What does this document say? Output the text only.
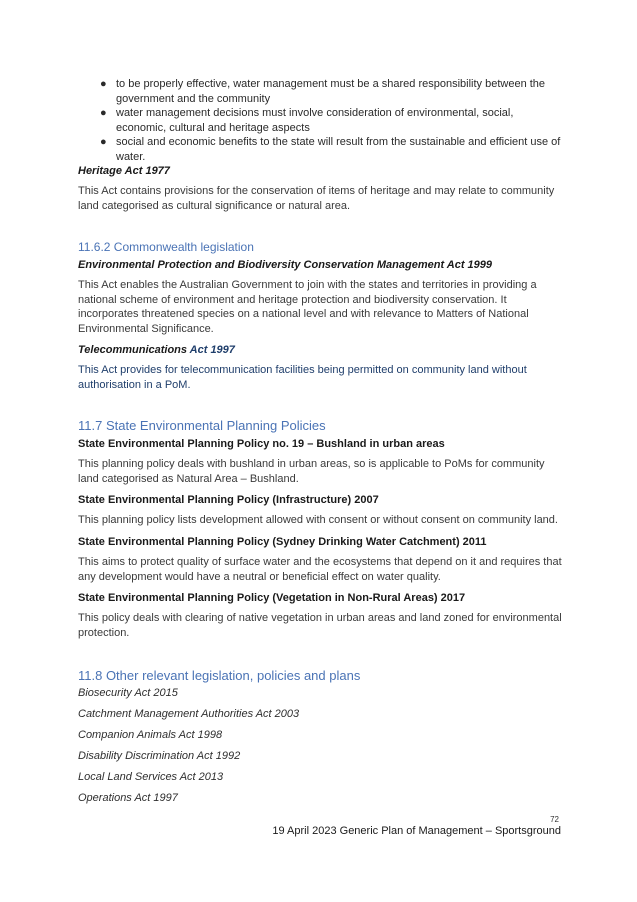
● to be properly effective, water management must be a shared responsibility between the government and the community
● water management decisions must involve consideration of environmental, social, economic, cultural and heritage aspects
● social and economic benefits to the state will result from the sustainable and efficient use of water.
Heritage Act 1977
This Act contains provisions for the conservation of items of heritage and may relate to community land categorised as cultural significance or natural area.
11.6.2 Commonwealth legislation
Environmental Protection and Biodiversity Conservation Management Act 1999
This Act enables the Australian Government to join with the states and territories in providing a national scheme of environment and heritage protection and biodiversity conservation. It incorporates threatened species on a national level and with relevance to Matters of National Environmental Significance.
Telecommunications Act 1997
This Act provides for telecommunication facilities being permitted on community land without authorisation in a PoM.
11.7 State Environmental Planning Policies
State Environmental Planning Policy no. 19 – Bushland in urban areas
This planning policy deals with bushland in urban areas, so is applicable to PoMs for community land categorised as Natural Area – Bushland.
State Environmental Planning Policy (Infrastructure) 2007
This planning policy lists development allowed with consent or without consent on community land.
State Environmental Planning Policy (Sydney Drinking Water Catchment) 2011
This aims to protect quality of surface water and the ecosystems that depend on it and requires that any development would have a neutral or beneficial effect on water quality.
State Environmental Planning Policy (Vegetation in Non-Rural Areas) 2017
This policy deals with clearing of native vegetation in urban areas and land zoned for environmental protection.
11.8 Other relevant legislation, policies and plans
Biosecurity Act 2015
Catchment Management Authorities Act 2003
Companion Animals Act 1998
Disability Discrimination Act 1992
Local Land Services Act 2013
Operations Act 1997
72
19 April 2023 Generic Plan of Management – Sportsground
